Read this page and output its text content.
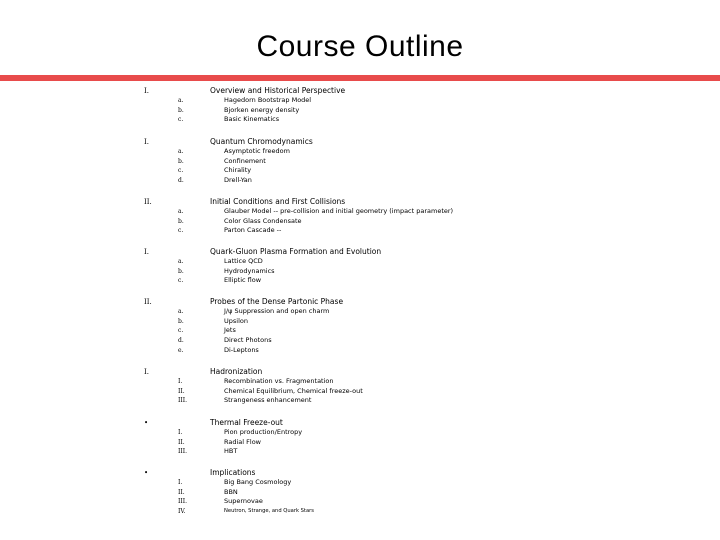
Course Outline
I.	Overview and Historical Perspective
a.	Hagedorn Bootstrap Model
b.	Bjorken energy density
c.	Basic Kinematics
I.	Quantum Chromodynamics
a.	Asymptotic freedom
b.	Confinement
c.	Chirality
d.	Drell-Yan
II.	Initial Conditions and First Collisions
a.	Glauber Model -- pre-collision and initial geometry (impact parameter)
b.	Color Glass Condensate
c.	Parton Cascade --
I.	Quark-Gluon Plasma Formation and Evolution
a.	Lattice QCD
b.	Hydrodynamics
c.	Elliptic flow
II.	Probes of the Dense Partonic Phase
a.	J/ψ Suppression and open charm
b.	Upsilon
c.	Jets
d.	Direct Photons
e.	Di-Leptons
I.	Hadronization
I.	Recombination vs. Fragmentation
II.	Chemical Equilibrium, Chemical freeze-out
III.	Strangeness enhancement
•	Thermal Freeze-out
I.	Pion production/Entropy
II.	Radial Flow
III.	HBT
•	Implications
I.	Big Bang Cosmology
II.	BBN
III.	Supernovae
IV.	Neutron, Strange, and Quark Stars
